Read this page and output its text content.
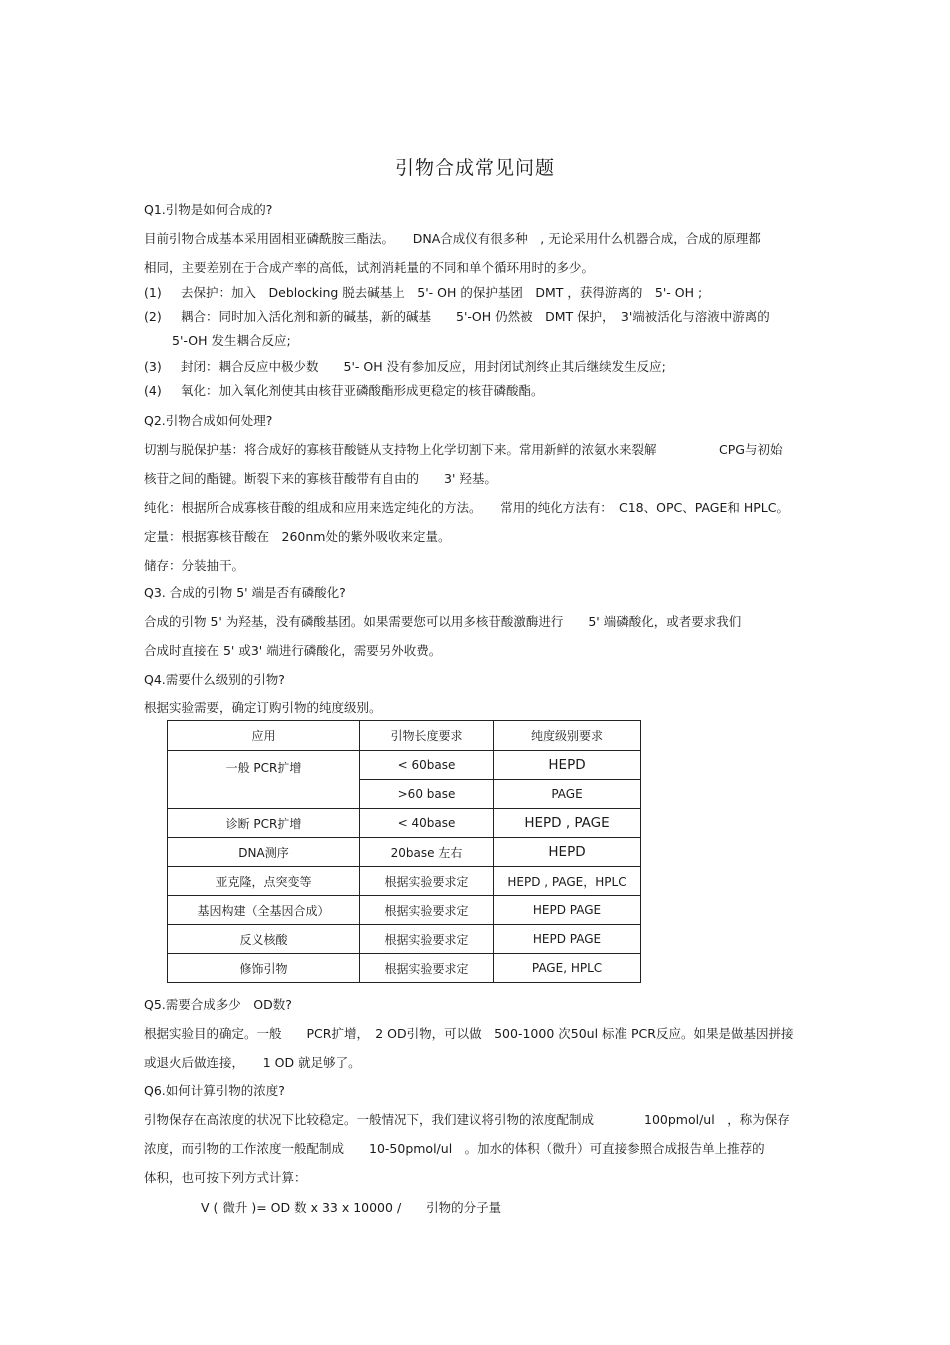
引物合成常见问题
Q1.引物是如何合成的?
目前引物合成基本采用固相亚磷酰胺三酯法。　　DNA合成仪有很多种　, 无论采用什么机器合成，合成的原理都
相同，主要差别在于合成产率的高低，试剂消耗量的不同和单个循环用时的多少。
(1) 去保护：加入　Deblocking 脱去碱基上　5'- OH 的保护基团　DMT ，获得游离的　5'- OH ;
(2) 耦合：同时加入活化剂和新的碱基，新的碱基　　5'-OH 仍然被　DMT 保护，　3'端被活化与溶液中游离的
5'-OH 发生耦合反应;
(3) 封闭：耦合反应中极少数　　5'- OH 没有参加反应，用封闭试剂终止其后继续发生反应;
(4) 氧化：加入氧化剂使其由核苷亚磷酸酯形成更稳定的核苷磷酸酯。
Q2.引物合成如何处理?
切割与脱保护基：将合成好的寡核苷酸链从支持物上化学切割下来。常用新鲜的浓氨水来裂解　　　　　CPG与初始
核苷之间的酯键。断裂下来的寡核苷酸带有自由的　　3' 羟基。
纯化：根据所合成寡核苷酸的组成和应用来选定纯化的方法。　　常用的纯化方法有：　C18、OPC、PAGE和 HPLC。
定量：根据寡核苷酸在　260nm处的紫外吸收来定量。
储存：分装抽干。
Q3. 合成的引物 5' 端是否有磷酸化?
合成的引物 5' 为羟基，没有磷酸基团。如果需要您可以用多核苷酸激酶进行　　5' 端磷酸化，或者要求我们
合成时直接在 5' 或3' 端进行磷酸化，需要另外收费。
Q4.需要什么级别的引物?
根据实验需要，确定订购引物的纯度级别。
应用	引物长度要求	纯度级别要求
一般 PCR扩增	< 60base	HEPD
	>60 base	PAGE
诊断 PCR扩增	< 40base	HEPD , PAGE
DNA测序	20base 左右	HEPD
亚克隆，点突变等	根据实验要求定	HEPD , PAGE，HPLC
基因构建（全基因合成）	根据实验要求定	HEPD PAGE
反义核酸	根据实验要求定	HEPD PAGE
修饰引物	根据实验要求定	PAGE, HPLC
Q5.需要合成多少　OD数?
根据实验目的确定。一般　　PCR扩增，　2 OD引物，可以做　500-1000 次50ul 标准 PCR反应。如果是做基因拼接
或退火后做连接，　　1 OD 就足够了。
Q6.如何计算引物的浓度?
引物保存在高浓度的状况下比较稳定。一般情况下，我们建议将引物的浓度配制成　　　　100pmol/ul　，称为保存
浓度，而引物的工作浓度一般配制成　　10-50pmol/ul　。加水的体积（微升）可直接参照合成报告单上推荐的
体积，也可按下列方式计算：
V ( 微升 )= OD 数 x 33 x 10000 /　　引物的分子量
